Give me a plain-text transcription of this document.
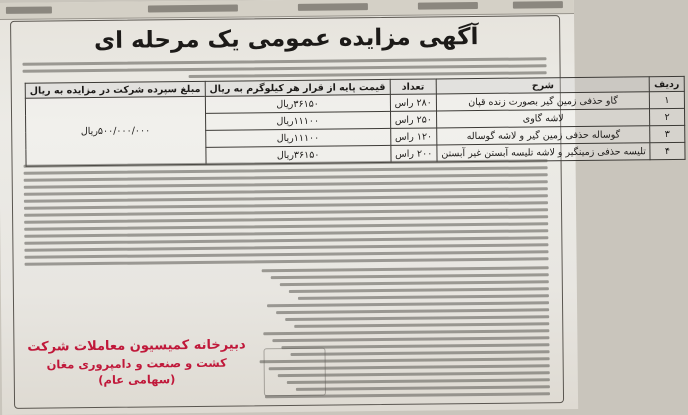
آگهی مزایده عمومی یک مرحله ای
ردیف	شرح	تعداد	قیمت پایه از قرار هر کیلوگرم به ریال	مبلغ سپرده شرکت در مزایده به ریال
۱	گاو حذفی زمین گیر بصورت زنده قپان	۲۸۰ راس	۳۶۱۵۰ریال	۵۰۰/۰۰۰/۰۰۰ریال
۲	لاشه گاوی	۲۵۰ راس	۱۱۱۰۰ریال	
۳	گوساله حذفی زمین گیر و لاشه گوساله	۱۲۰ راس	۱۱۱۰۰ریال	
۴	تلیسه حذفی زمینگیر و لاشه تلیسه آبستن غیر آبستن	۲۰۰ راس	۳۶۱۵۰ریال	
دبیرخانه کمیسیون معاملات شرکت
کشت و صنعت و دامپروری مغان (سهامی عام)
